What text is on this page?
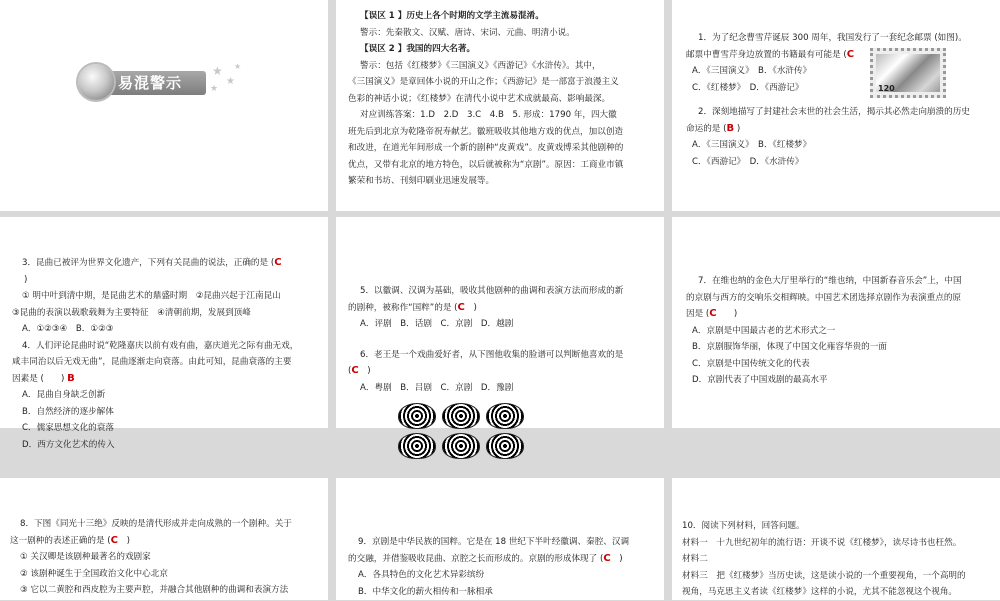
易混警示
★
★
★
★

【误区 1 】历史上各个时期的文学主流易混淆。

警示：先秦散文、汉赋、唐诗、宋词、元曲、明清小说。

【误区 2 】我国的四大名著。

警示：包括《红楼梦》《三国演义》《西游记》《水浒传》。其中，

《三国演义》是章回体小说的开山之作；《西游记》是一部富于浪漫主义

色彩的神话小说；《红楼梦》在清代小说中艺术成就最高、影响最深。

对应训练答案：1.D　2.D　3.C　4.B　5. 形成：1790 年，四大徽

班先后到北京为乾隆帝祝寿献艺。徽班吸收其他地方戏的优点，加以创造

和改进，在道光年间形成一个新的剧种“皮黄戏”。皮黄戏博采其他剧种的

优点，又带有北京的地方特色，以后就被称为“京剧”。原因：工商业市镇

繁荣和书坊、刊刻印刷业迅速发展等。

1．为了纪念曹雪芹诞辰 300 周年，我国发行了一套纪念邮票 (如图)。

邮票中曹雪芹身边放置的书籍最有可能是 (C

A．《三国演义》　 B．《水浒传》

C．《红楼梦》　 D．《西游记》

2．深刻地描写了封建社会末世的社会生活，揭示其必然走向崩溃的历史

命运的是 (B )

A．《三国演义》　 B．《红楼梦》

C．《西游记》　 D．《水浒传》

120

3．昆曲已被评为世界文化遗产，下列有关昆曲的说法，正确的是 (C

)

① 明中叶到清中期，是昆曲艺术的鼎盛时期　②昆曲兴起于江南昆山

③昆曲的表演以载歌载舞为主要特征　④清朝前期，发展到顶峰

A．①②③④　B．①②③

4．人们评论昆曲时说“乾隆嘉庆以前有戏有曲，嘉庆道光之际有曲无戏，

咸丰同治以后无戏无曲”，昆曲逐渐走向衰落。由此可知，昆曲衰落的主要

因素是 (　　) B

A．昆曲自身缺乏创新

B．自然经济的逐步解体

C．儒家思想文化的衰落

D．西方文化艺术的传入

5．以徽调、汉调为基础，吸收其他剧种的曲调和表演方法而形成的新

的剧种，被称作“国粹”的是 (C　)

A．评剧　B．话剧　C．京剧　D．越剧

6．老王是一个戏曲爱好者，从下图他收集的脸谱可以判断他喜欢的是

(C　)

A．粤剧　B．吕剧　C．京剧　D．豫剧

7．在维也纳的金色大厅里举行的“维也纳，中国新春音乐会”上，中国

的京剧与西方的交响乐交相辉映。中国艺术团选择京剧作为表演重点的原

因是 (C　　)

A．京剧是中国最古老的艺术形式之一

B．京剧服饰华丽，体现了中国文化雍容华贵的一面

C．京剧是中国传统文化的代表

D．京剧代表了中国戏剧的最高水平

8．下图《同光十三绝》反映的是清代形成并走向成熟的一个剧种。关于

这一剧种的表述正确的是 (C　)

① 关汉卿是该剧种最著名的戏剧家

② 该剧种诞生于全国政治文化中心北京

③ 它以二黄腔和西皮腔为主要声腔，并融合其他剧种的曲调和表演方法

9．京剧是中华民族的国粹。它是在 18 世纪下半叶经徽调、秦腔、汉调

的交融，并借鉴吸收昆曲、京腔之长而形成的。京剧的形成体现了 (C　)

A．各具特色的文化艺术异彩缤纷

B．中华文化的薪火相传和一脉相承

10．阅读下列材料，回答问题。

材料一　十九世纪初年的流行语：开谈不说《红楼梦》，读尽诗书也枉然。

材料二

材料三　把《红楼梦》当历史读，这是读小说的一个重要视角，一个高明的

视角，马克思主义者读《红楼梦》这样的小说，尤其不能忽视这个视角。
